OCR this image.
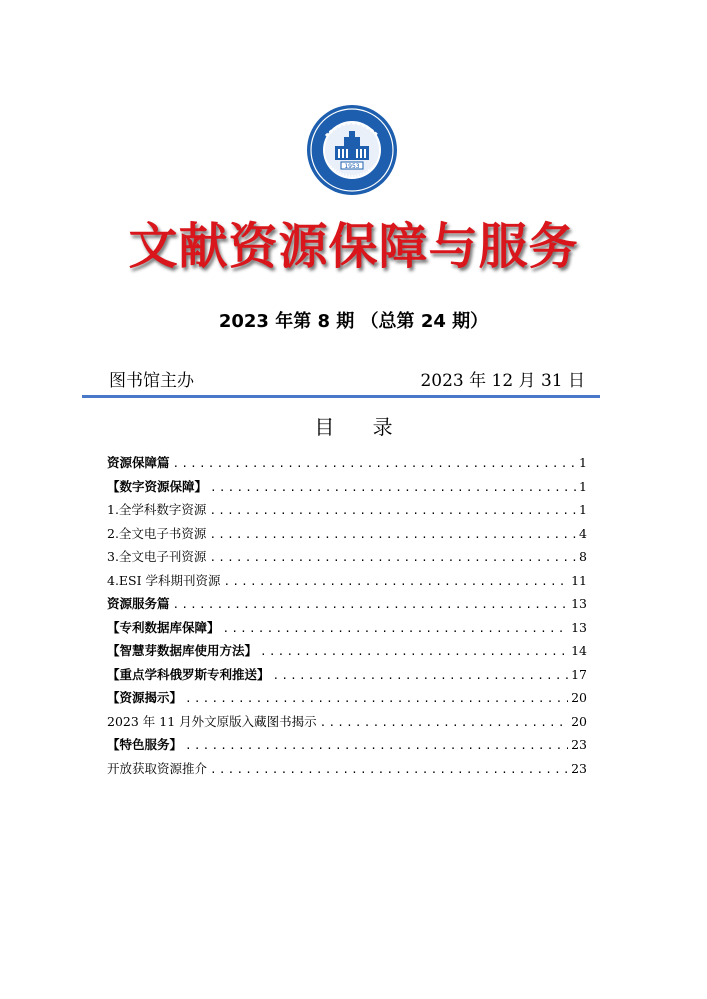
1953
文献资源保障与服务
2023 年第 8 期 （总第 24 期）
图书馆主办	2023 年 12 月 31 日
目 录
资源保障篇 .....	1
【数字资源保障】 .....	1
1.全学科数字资源 .....	1
2.全文电子书资源 .....	4
3.全文电子刊资源 .....	8
4.ESI 学科期刊资源 .....	11
资源服务篇 .....	13
【专利数据库保障】 .....	13
【智慧芽数据库使用方法】 .....	14
【重点学科俄罗斯专利推送】 .....	17
【资源揭示】 .....	20
2023 年 11 月外文原版入藏图书揭示 .....	20
【特色服务】 .....	23
开放获取资源推介 .....	23
